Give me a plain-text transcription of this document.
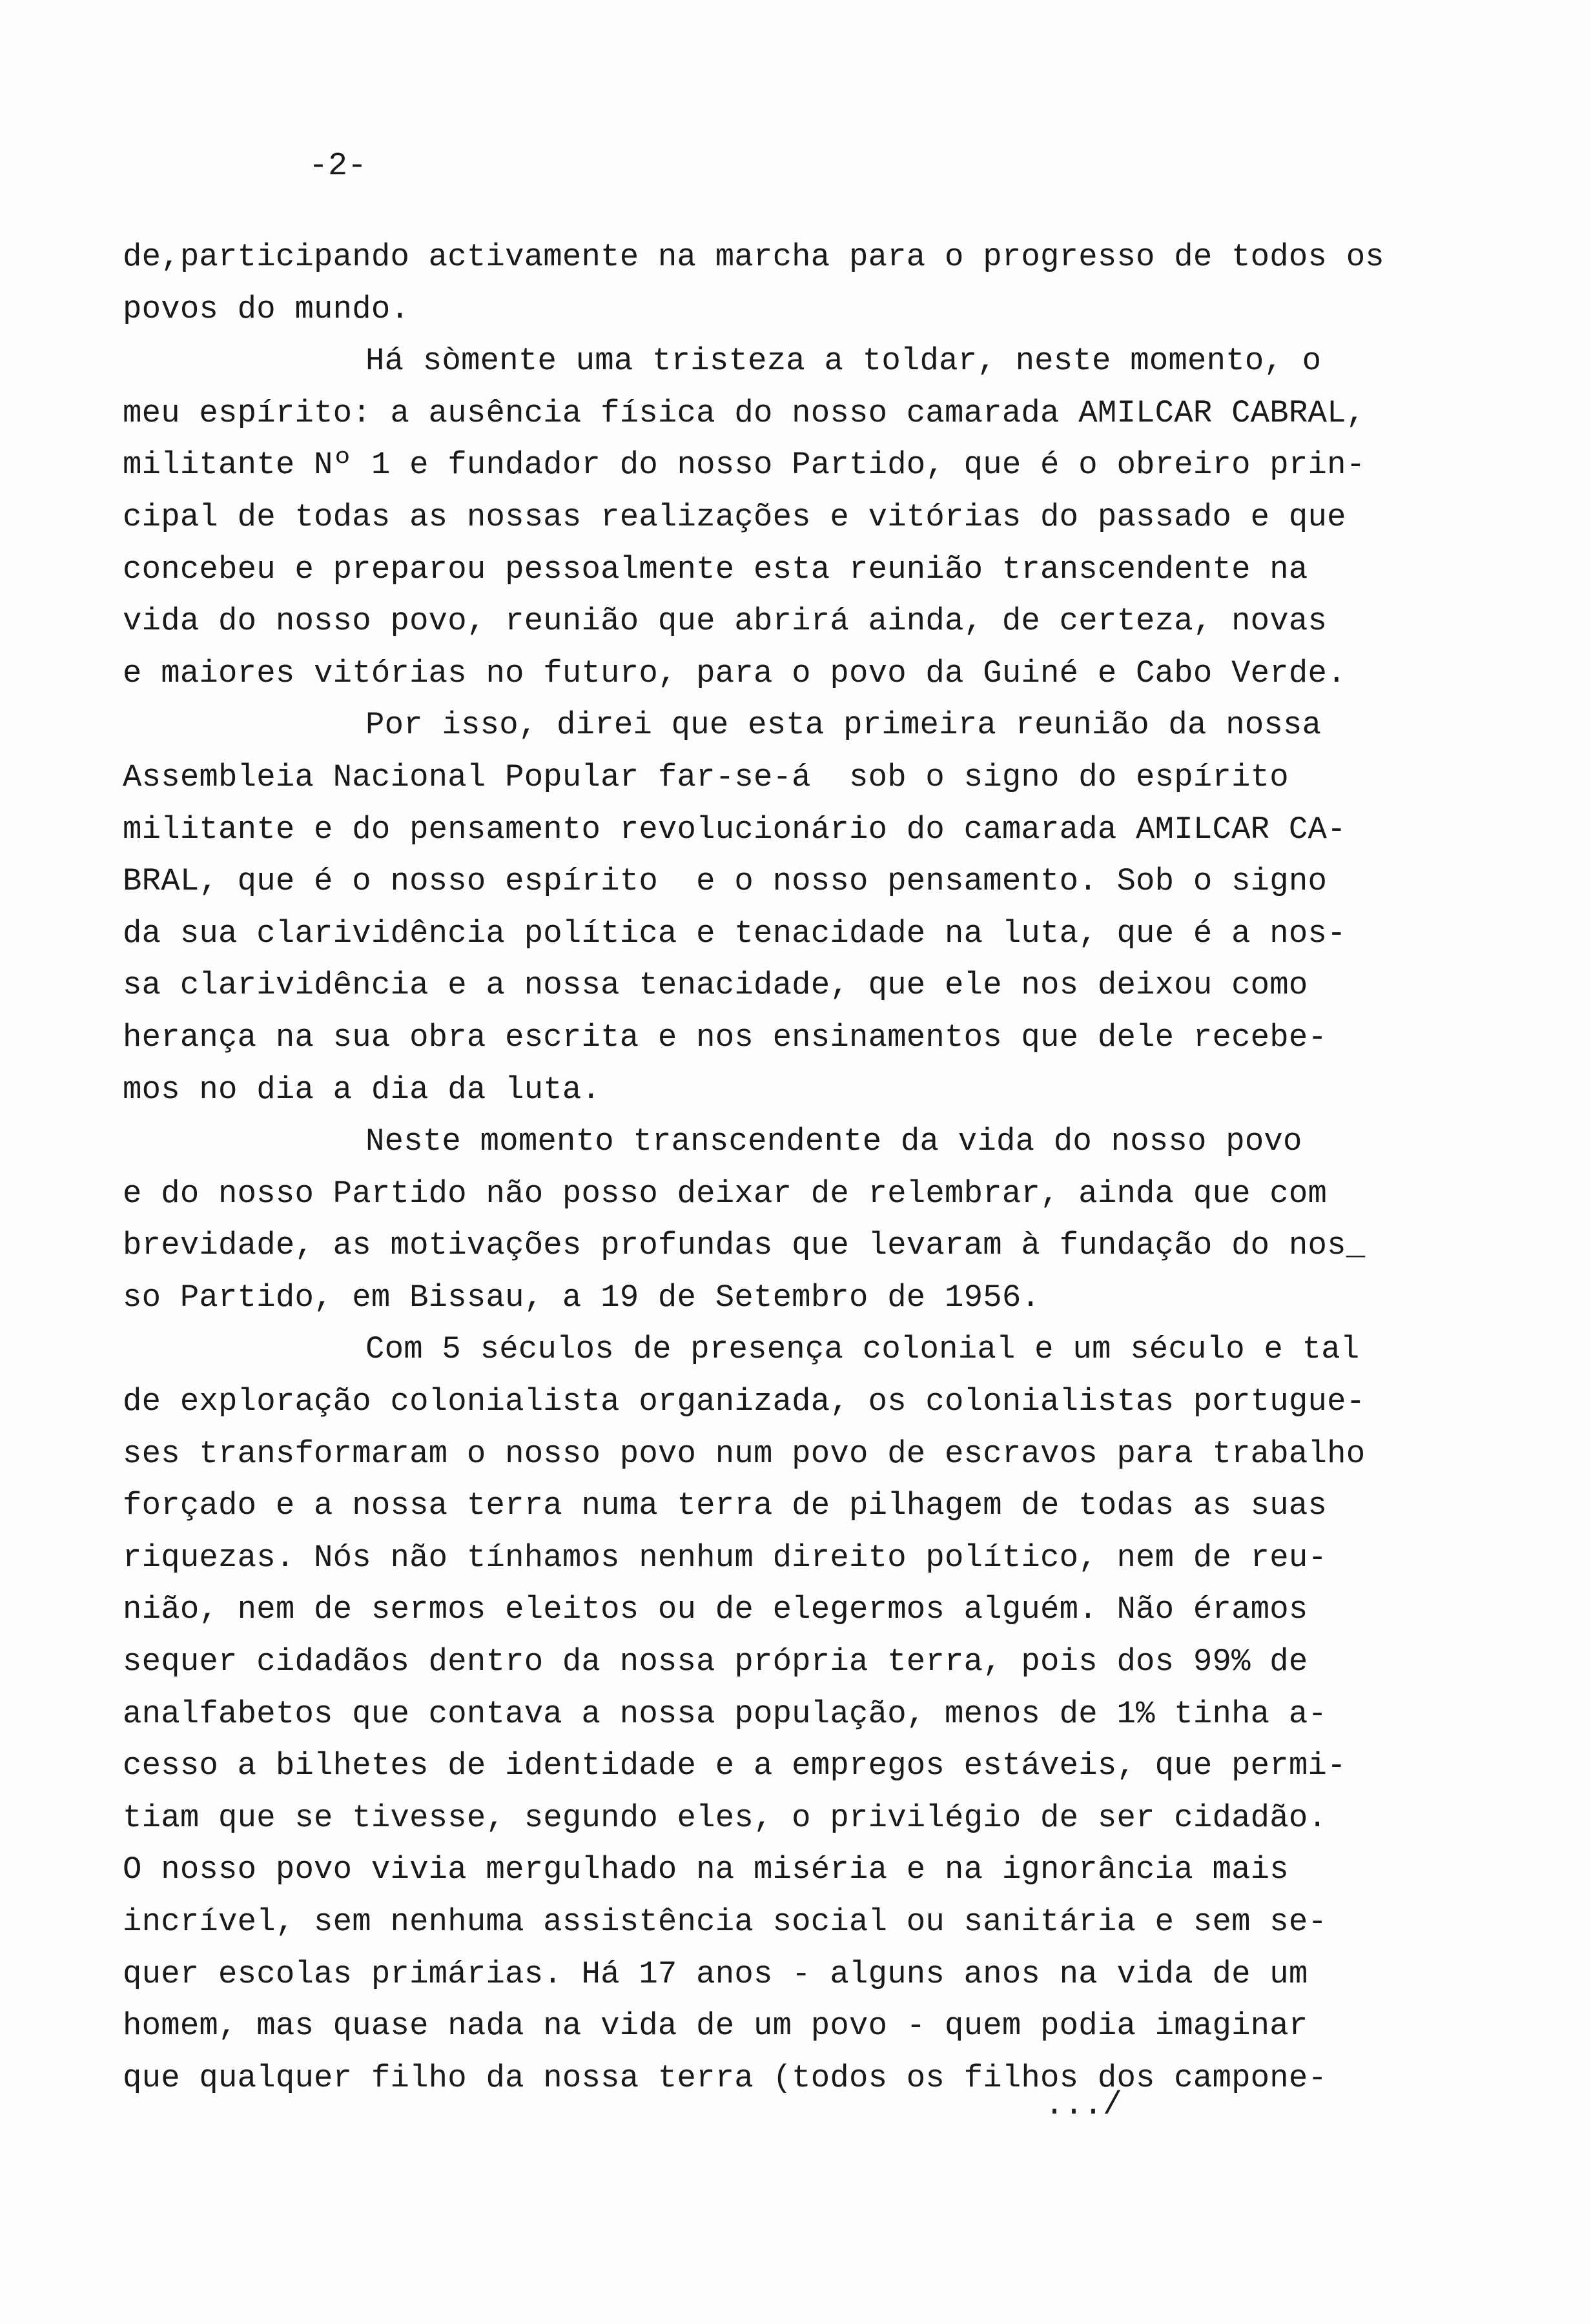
-2-
de,participando activamente na marcha para o progresso de todos os
povos do mundo.
Há sòmente uma tristeza a toldar, neste momento, o
meu espírito: a ausência física do nosso camarada AMILCAR CABRAL,
militante Nº 1 e fundador do nosso Partido, que é o obreiro prin-
cipal de todas as nossas realizações e vitórias do passado e que
concebeu e preparou pessoalmente esta reunião transcendente na
vida do nosso povo, reunião que abrirá ainda, de certeza, novas
e maiores vitórias no futuro, para o povo da Guiné e Cabo Verde.
Por isso, direi que esta primeira reunião da nossa
Assembleia Nacional Popular far-se-á  sob o signo do espírito
militante e do pensamento revolucionário do camarada AMILCAR CA-
BRAL, que é o nosso espírito  e o nosso pensamento. Sob o signo
da sua clarividência política e tenacidade na luta, que é a nos-
sa clarividência e a nossa tenacidade, que ele nos deixou como
herança na sua obra escrita e nos ensinamentos que dele recebe-
mos no dia a dia da luta.
Neste momento transcendente da vida do nosso povo
e do nosso Partido não posso deixar de relembrar, ainda que com
brevidade, as motivações profundas que levaram à fundação do nos_
so Partido, em Bissau, a 19 de Setembro de 1956.
Com 5 séculos de presença colonial e um século e tal
de exploração colonialista organizada, os colonialistas portugue-
ses transformaram o nosso povo num povo de escravos para trabalho
forçado e a nossa terra numa terra de pilhagem de todas as suas
riquezas. Nós não tínhamos nenhum direito político, nem de reu-
nião, nem de sermos eleitos ou de elegermos alguém. Não éramos
sequer cidadãos dentro da nossa própria terra, pois dos 99% de
analfabetos que contava a nossa população, menos de 1% tinha a-
cesso a bilhetes de identidade e a empregos estáveis, que permi-
tiam que se tivesse, segundo eles, o privilégio de ser cidadão.
O nosso povo vivia mergulhado na miséria e na ignorância mais
incrível, sem nenhuma assistência social ou sanitária e sem se-
quer escolas primárias. Há 17 anos - alguns anos na vida de um
homem, mas quase nada na vida de um povo - quem podia imaginar
que qualquer filho da nossa terra (todos os filhos dos campone-
.../
